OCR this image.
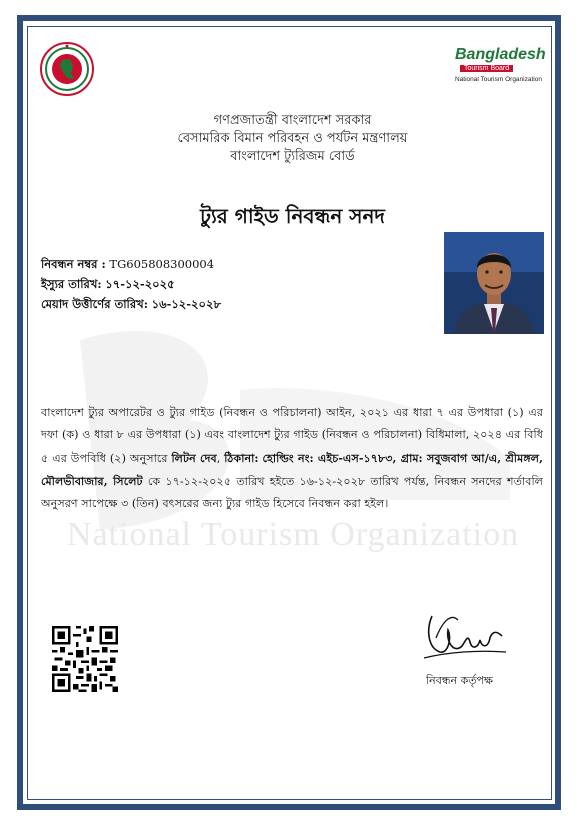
National Tourism Organization
Bangladesh
Tourism Board
National Tourism Organization
গণপ্রজাতন্ত্রী বাংলাদেশ সরকার
বেসামরিক বিমান পরিবহন ও পর্যটন মন্ত্রণালয়
বাংলাদেশ ট্যুরিজম বোর্ড
ট্যুর গাইড নিবন্ধন সনদ
নিবন্ধন নম্বর : TG605808300004
ইস্যুর তারিখ: ১৭-১২-২০২৫
মেয়াদ উত্তীর্ণের তারিখ: ১৬-১২-২০২৮
বাংলাদেশ ট্যুর অপারেটর ও ট্যুর গাইড (নিবন্ধন ও পরিচালনা) আইন, ২০২১ এর ধারা ৭ এর উপধারা (১) এর দফা (ক) ও ধারা ৮ এর উপধারা (১) এবং বাংলাদেশ ট্যুর গাইড (নিবন্ধন ও পরিচালনা) বিধিমালা, ২০২৪ এর বিধি ৫ এর উপবিধি (২) অনুসারে লিটন দেব, ঠিকানা: হোল্ডিং নং: এইচ-এস-১৭৮৩, গ্রাম: সবুজবাগ আ/এ, শ্রীমঙ্গল, মৌলভীবাজার, সিলেট কে ১৭-১২-২০২৫ তারিখ হইতে ১৬-১২-২০২৮ তারিখ পর্যন্ত, নিবন্ধন সনদের শর্তাবলি অনুসরণ সাপেক্ষে ৩ (তিন) বৎসরের জন্য ট্যুর গাইড হিসেবে নিবন্ধন করা হইল।
নিবন্ধন কর্তৃপক্ষ
